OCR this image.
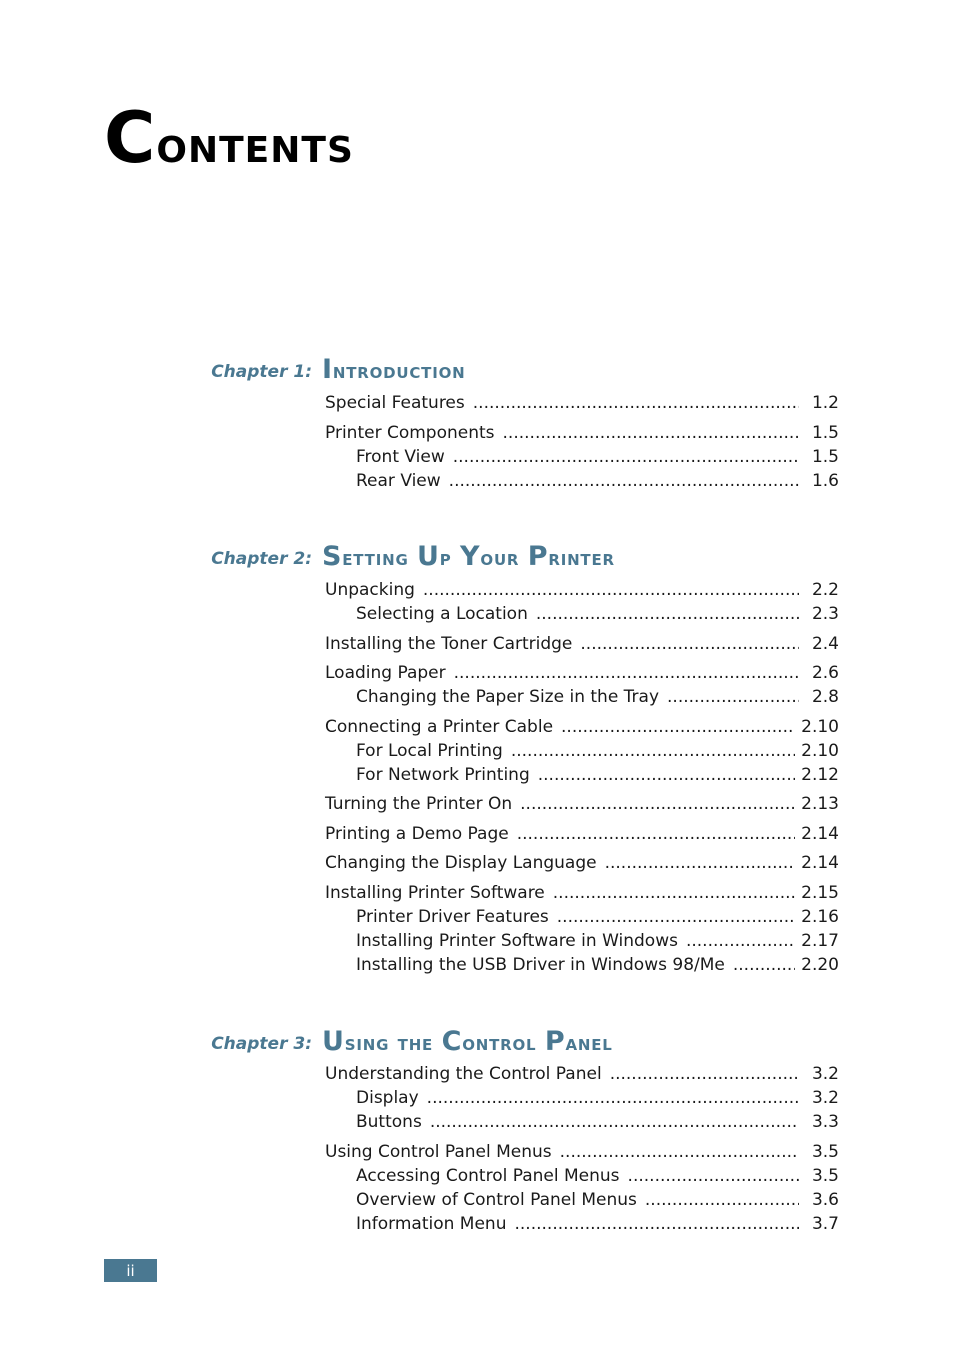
Contents
Chapter 1: Introduction
Special Features .....	1.2
Printer Components .....	1.5
Front View .....	1.5
Rear View .....	1.6
Chapter 2: Setting Up Your Printer
Unpacking .....	2.2
Selecting a Location .....	2.3
Installing the Toner Cartridge .....	2.4
Loading Paper .....	2.6
Changing the Paper Size in the Tray .....	2.8
Connecting a Printer Cable .....	2.10
For Local Printing .....	2.10
For Network Printing .....	2.12
Turning the Printer On .....	2.13
Printing a Demo Page .....	2.14
Changing the Display Language .....	2.14
Installing Printer Software .....	2.15
Printer Driver Features .....	2.16
Installing Printer Software in Windows .....	2.17
Installing the USB Driver in Windows 98/Me .....	2.20
Chapter 3: Using the Control Panel
Understanding the Control Panel .....	3.2
Display .....	3.2
Buttons .....	3.3
Using Control Panel Menus .....	3.5
Accessing Control Panel Menus .....	3.5
Overview of Control Panel Menus .....	3.6
Information Menu .....	3.7
ii
